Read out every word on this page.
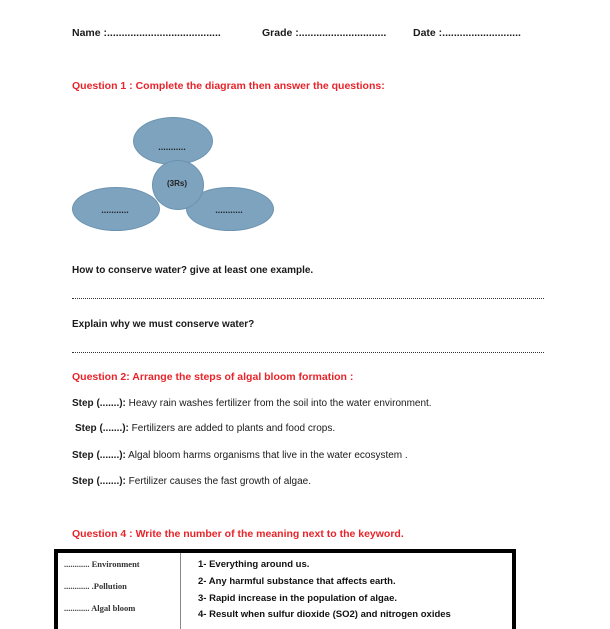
Name :.......................................	Grade :..............................	Date :...........................
Question 1 : Complete the diagram then answer the questions:
...........
(3Rs)
...........	...........
How to conserve water? give at least one example.
Explain why we must conserve water?
Question 2: Arrange the steps of algal bloom formation :
Step (.......): Heavy rain washes fertilizer from the soil into the water environment.
Step (.......): Fertilizers are added to plants and food crops.
Step (.......): Algal bloom harms organisms that live in the water ecosystem .
Step (.......): Fertilizer causes the fast growth of algae.
Question 4 : Write the number of the meaning next to the keyword.
............ Environment
............ .Pollution
............ Algal bloom
1- Everything around us.
2- Any harmful substance that affects earth.
3- Rapid increase in the population of algae.
4- Result when sulfur dioxide (SO2) and nitrogen oxides
